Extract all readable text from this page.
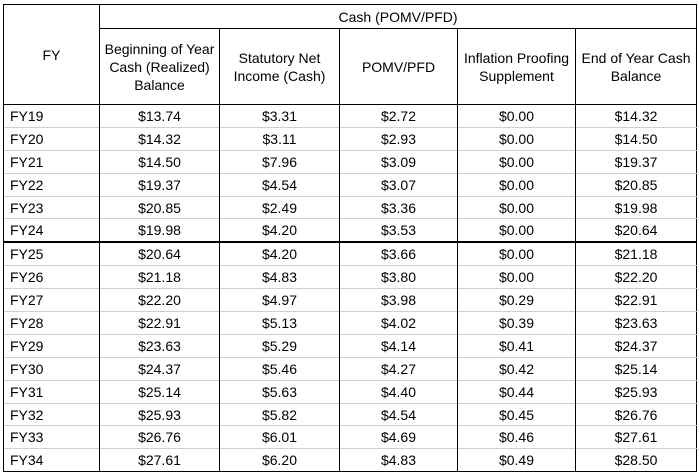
FY	Cash (POMV/PFD)				
	Beginning of Year Cash (Realized) Balance	Statutory Net Income (Cash)	POMV/PFD	Inflation Proofing Supplement	End of Year Cash Balance
FY19	$13.74	$3.31	$2.72	$0.00	$14.32
FY20	$14.32	$3.11	$2.93	$0.00	$14.50
FY21	$14.50	$7.96	$3.09	$0.00	$19.37
FY22	$19.37	$4.54	$3.07	$0.00	$20.85
FY23	$20.85	$2.49	$3.36	$0.00	$19.98
FY24	$19.98	$4.20	$3.53	$0.00	$20.64
FY25	$20.64	$4.20	$3.66	$0.00	$21.18
FY26	$21.18	$4.83	$3.80	$0.00	$22.20
FY27	$22.20	$4.97	$3.98	$0.29	$22.91
FY28	$22.91	$5.13	$4.02	$0.39	$23.63
FY29	$23.63	$5.29	$4.14	$0.41	$24.37
FY30	$24.37	$5.46	$4.27	$0.42	$25.14
FY31	$25.14	$5.63	$4.40	$0.44	$25.93
FY32	$25.93	$5.82	$4.54	$0.45	$26.76
FY33	$26.76	$6.01	$4.69	$0.46	$27.61
FY34	$27.61	$6.20	$4.83	$0.49	$28.50
